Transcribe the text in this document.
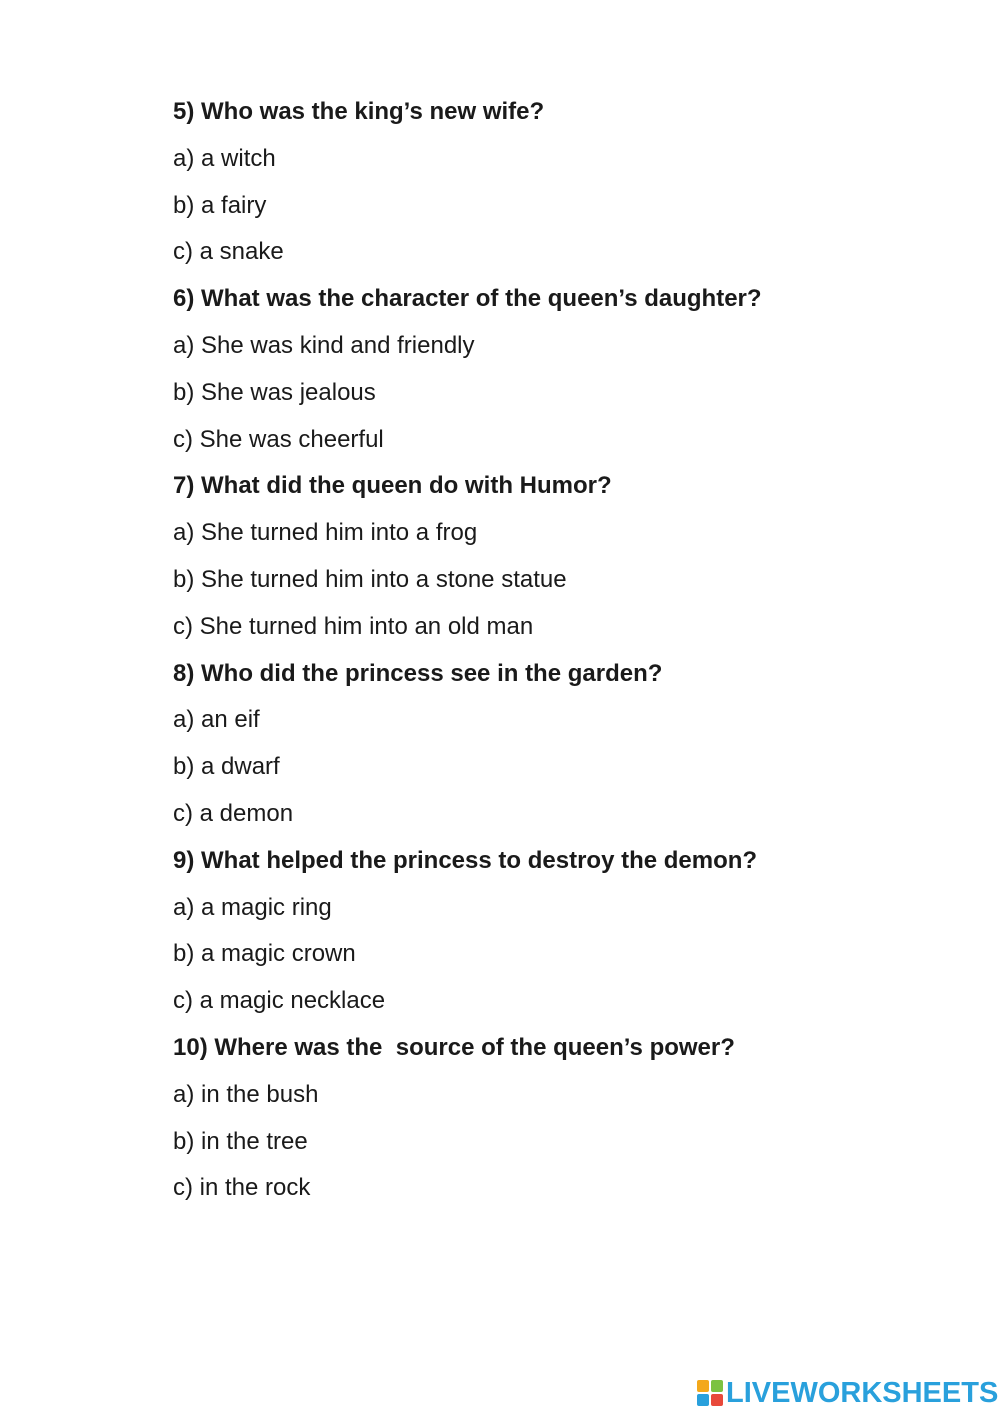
5) Who was the king’s new wife?
a) a witch
b) a fairy
c) a snake
6) What was the character of the queen’s daughter?
a) She was kind and friendly
b) She was jealous
c) She was cheerful
7) What did the queen do with Humor?
a) She turned him into a frog
b) She turned him into a stone statue
c) She turned him into an old man
8) Who did the princess see in the garden?
a) an eif
b) a dwarf
c) a demon
9) What helped the princess to destroy the demon?
a) a magic ring
b) a magic crown
c) a magic necklace
10) Where was the  source of the queen’s power?
a) in the bush
b) in the tree
c) in the rock
LIVEWORKSHEETS
